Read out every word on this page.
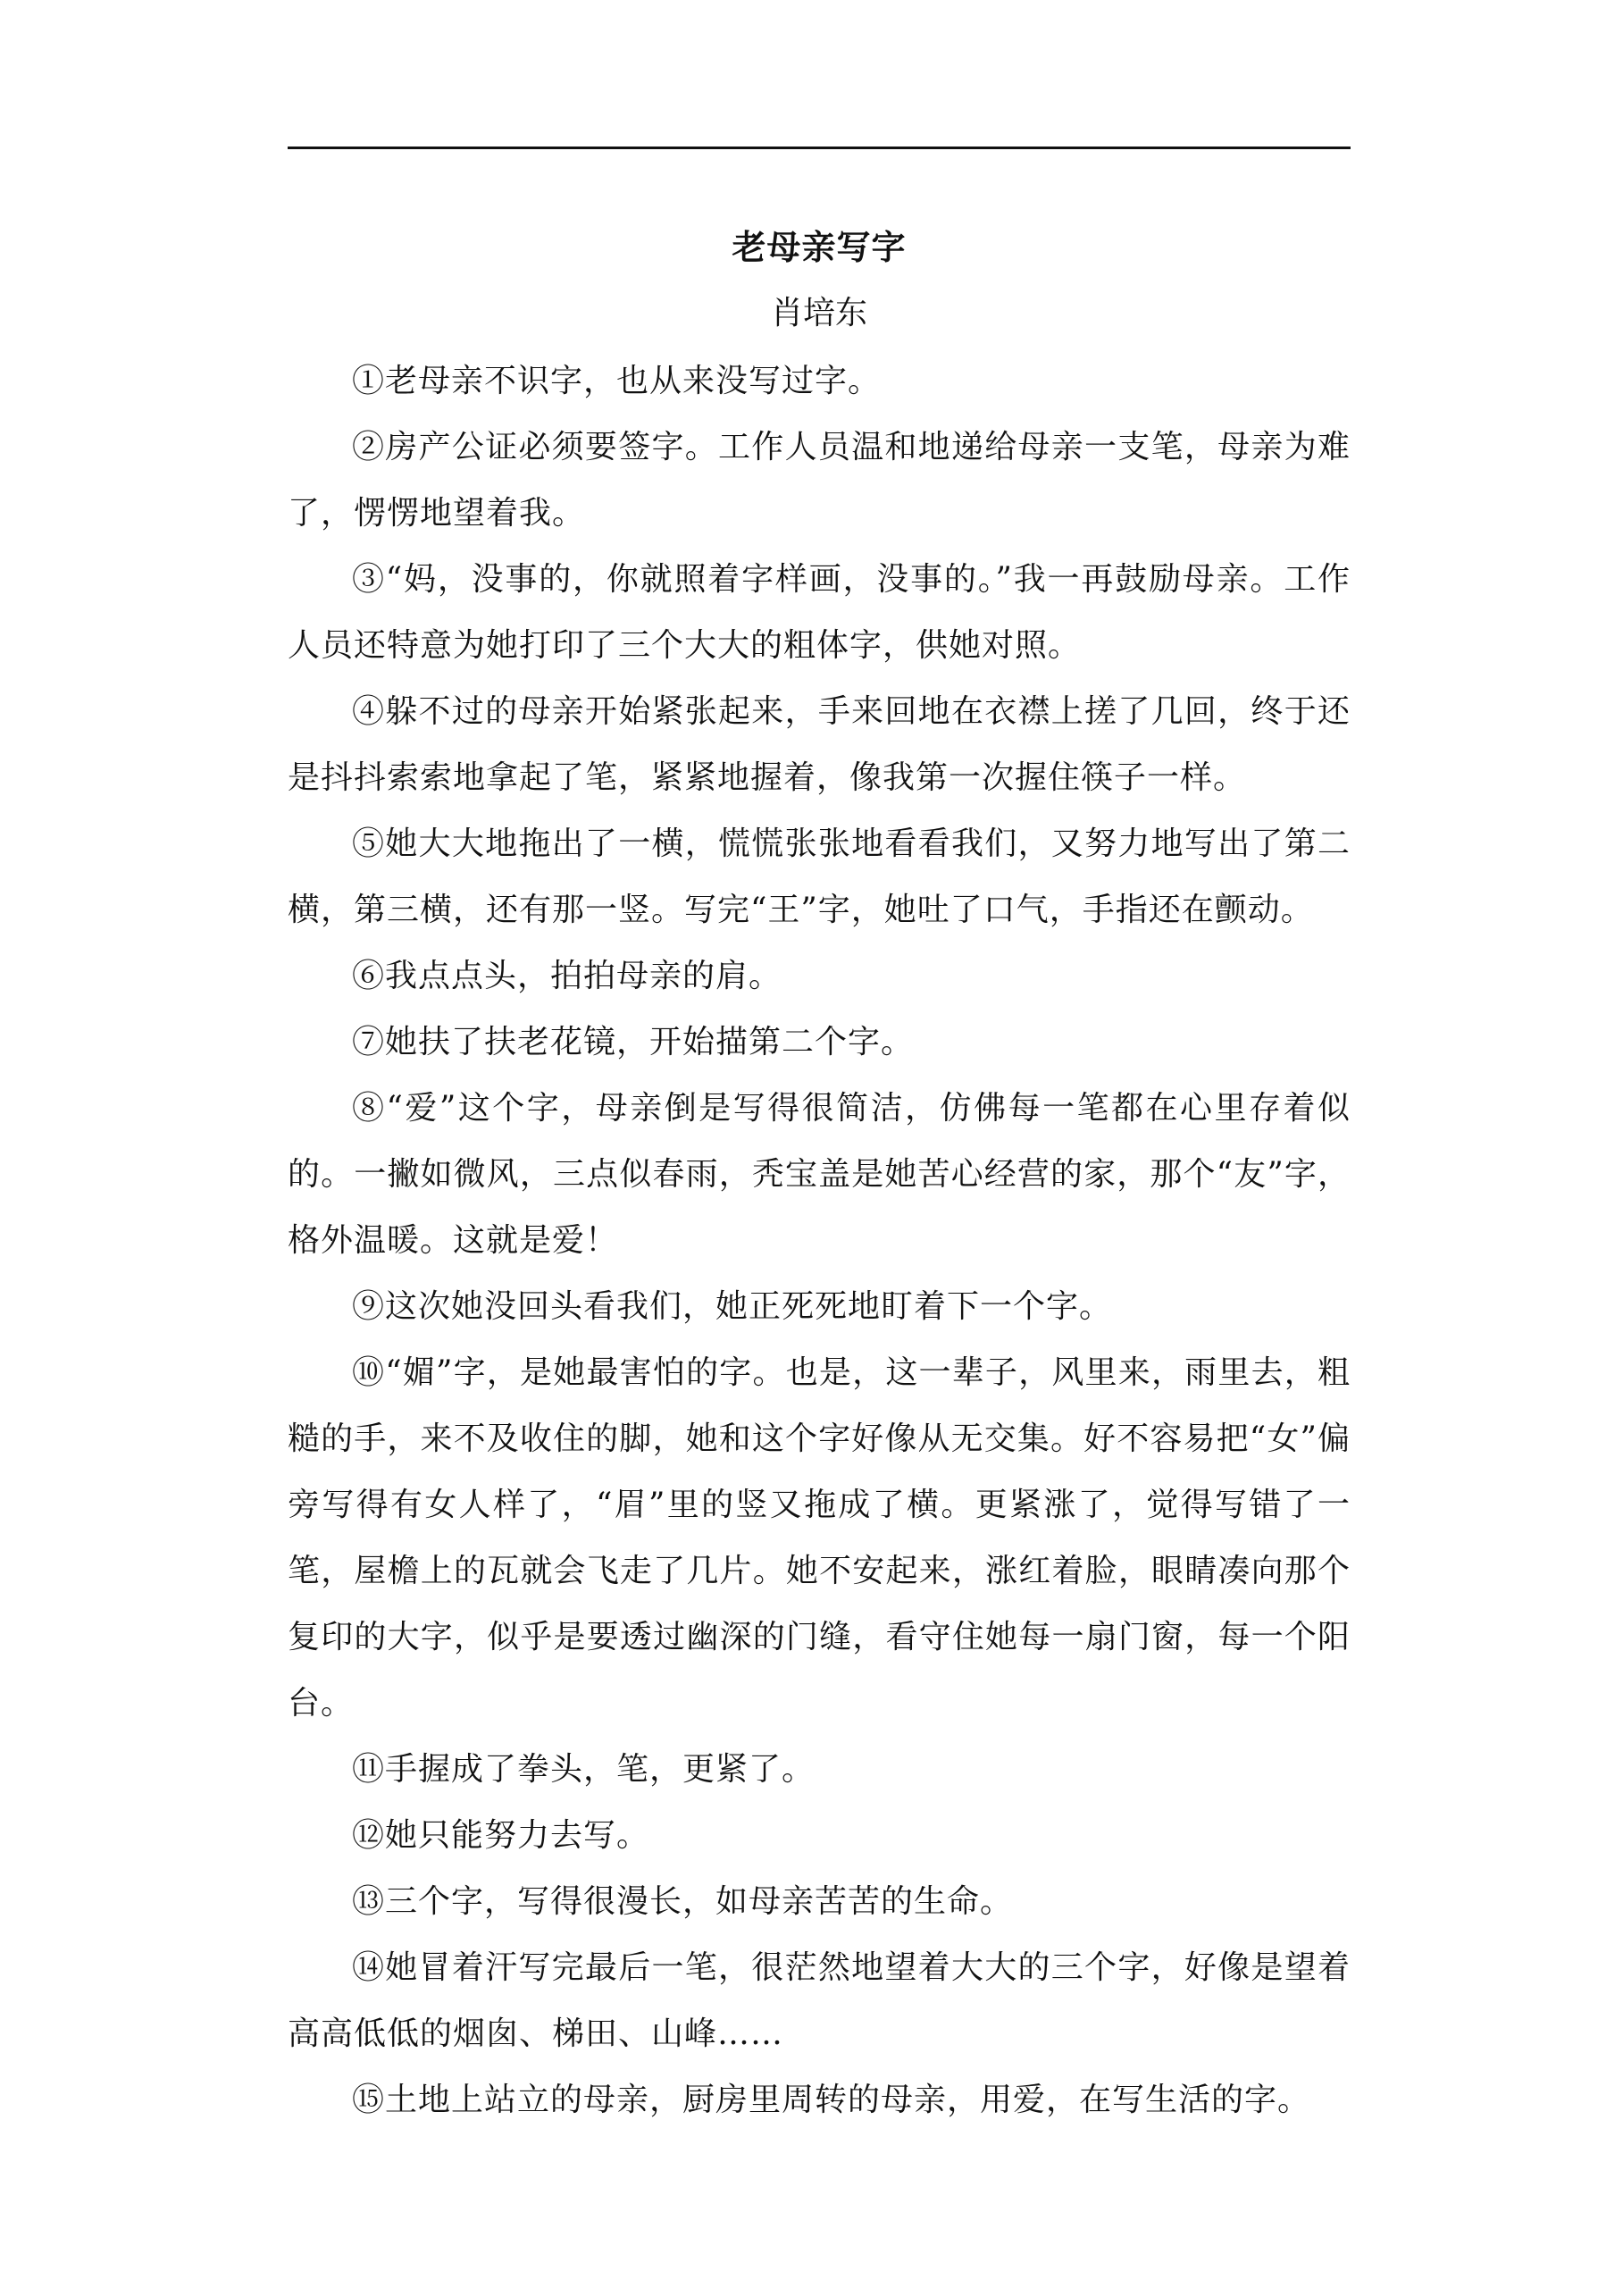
老母亲写字

肖培东

①老母亲不识字，也从来没写过字。

②房产公证必须要签字。工作人员温和地递给母亲一支笔，母亲为难了，愣愣地望着我。

③“妈，没事的，你就照着字样画，没事的。”我一再鼓励母亲。工作人员还特意为她打印了三个大大的粗体字，供她对照。

④躲不过的母亲开始紧张起来，手来回地在衣襟上搓了几回，终于还是抖抖索索地拿起了笔，紧紧地握着，像我第一次握住筷子一样。

⑤她大大地拖出了一横，慌慌张张地看看我们，又努力地写出了第二横，第三横，还有那一竖。写完“王”字，她吐了口气，手指还在颤动。

⑥我点点头，拍拍母亲的肩。

⑦她扶了扶老花镜，开始描第二个字。

⑧“爱”这个字，母亲倒是写得很简洁，仿佛每一笔都在心里存着似的。一撇如微风，三点似春雨，秃宝盖是她苦心经营的家，那个“友”字，格外温暖。这就是爱！

⑨这次她没回头看我们，她正死死地盯着下一个字。

⑩“媚”字，是她最害怕的字。也是，这一辈子，风里来，雨里去，粗糙的手，来不及收住的脚，她和这个字好像从无交集。好不容易把“女”偏旁写得有女人样了，“眉”里的竖又拖成了横。更紧涨了，觉得写错了一笔，屋檐上的瓦就会飞走了几片。她不安起来，涨红着脸，眼睛凑向那个复印的大字，似乎是要透过幽深的门缝，看守住她每一扇门窗，每一个阳台。

⑪手握成了拳头，笔，更紧了。

⑫她只能努力去写。

⑬三个字，写得很漫长，如母亲苦苦的生命。

⑭她冒着汗写完最后一笔，很茫然地望着大大的三个字，好像是望着高高低低的烟囱、梯田、山峰……

⑮土地上站立的母亲，厨房里周转的母亲，用爱，在写生活的字。
